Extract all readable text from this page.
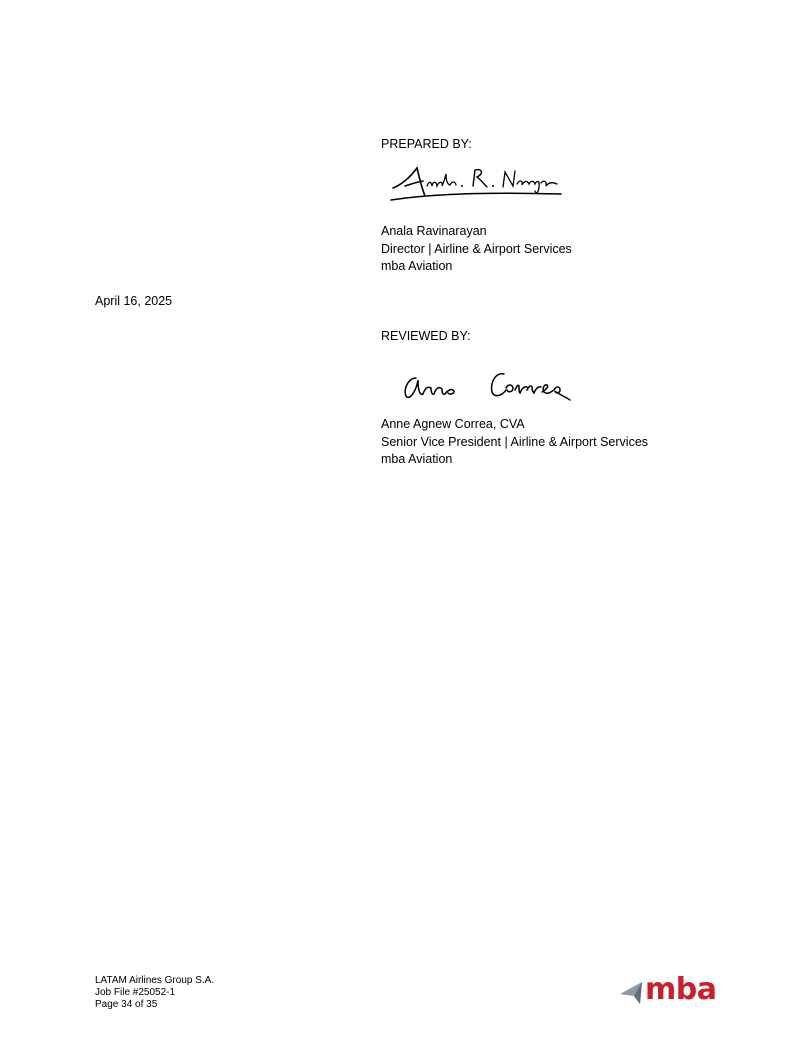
PREPARED BY:
Anala Ravinarayan
Director | Airline & Airport Services
mba Aviation
April 16, 2025
REVIEWED BY:
Anne Agnew Correa, CVA
Senior Vice President | Airline & Airport Services
mba Aviation
LATAM Airlines Group S.A.
Job File #25052-1
Page 34 of 35	mba
